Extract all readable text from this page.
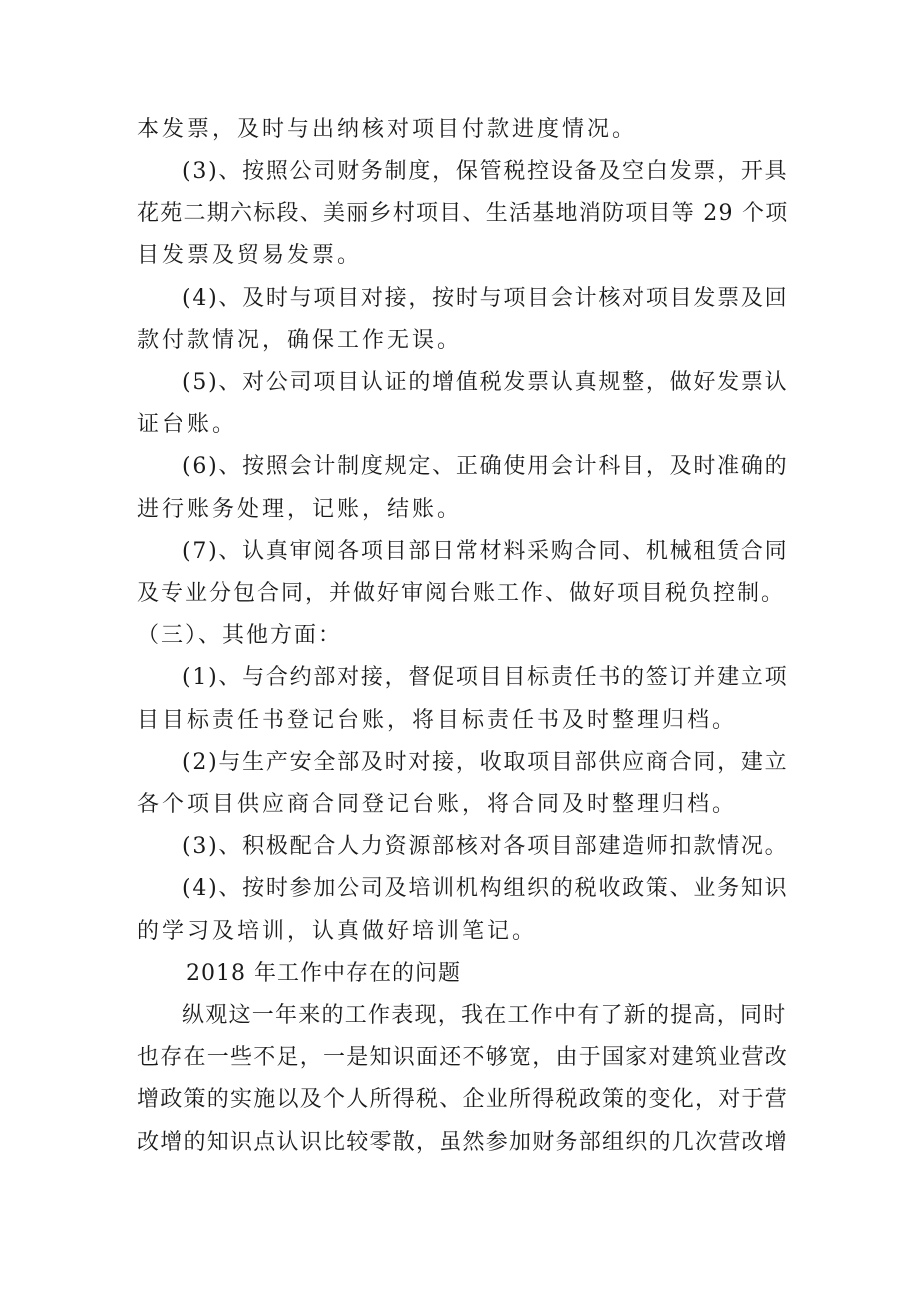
本发票，及时与出纳核对项目付款进度情况。
(3)、按照公司财务制度，保管税控设备及空白发票，开具
花苑二期六标段、美丽乡村项目、生活基地消防项目等 29 个项
目发票及贸易发票。
(4)、及时与项目对接，按时与项目会计核对项目发票及回
款付款情况，确保工作无误。
(5)、对公司项目认证的增值税发票认真规整，做好发票认
证台账。
(6)、按照会计制度规定、正确使用会计科目，及时准确的
进行账务处理，记账，结账。
(7)、认真审阅各项目部日常材料采购合同、机械租赁合同
及专业分包合同，并做好审阅台账工作、做好项目税负控制。
（三）、其他方面：
(1)、与合约部对接，督促项目目标责任书的签订并建立项
目目标责任书登记台账，将目标责任书及时整理归档。
(2)与生产安全部及时对接，收取项目部供应商合同，建立
各个项目供应商合同登记台账，将合同及时整理归档。
(3)、积极配合人力资源部核对各项目部建造师扣款情况。
(4)、按时参加公司及培训机构组织的税收政策、业务知识
的学习及培训，认真做好培训笔记。
2018 年工作中存在的问题
纵观这一年来的工作表现，我在工作中有了新的提高，同时
也存在一些不足，一是知识面还不够宽，由于国家对建筑业营改
增政策的实施以及个人所得税、企业所得税政策的变化，对于营
改增的知识点认识比较零散，虽然参加财务部组织的几次营改增
